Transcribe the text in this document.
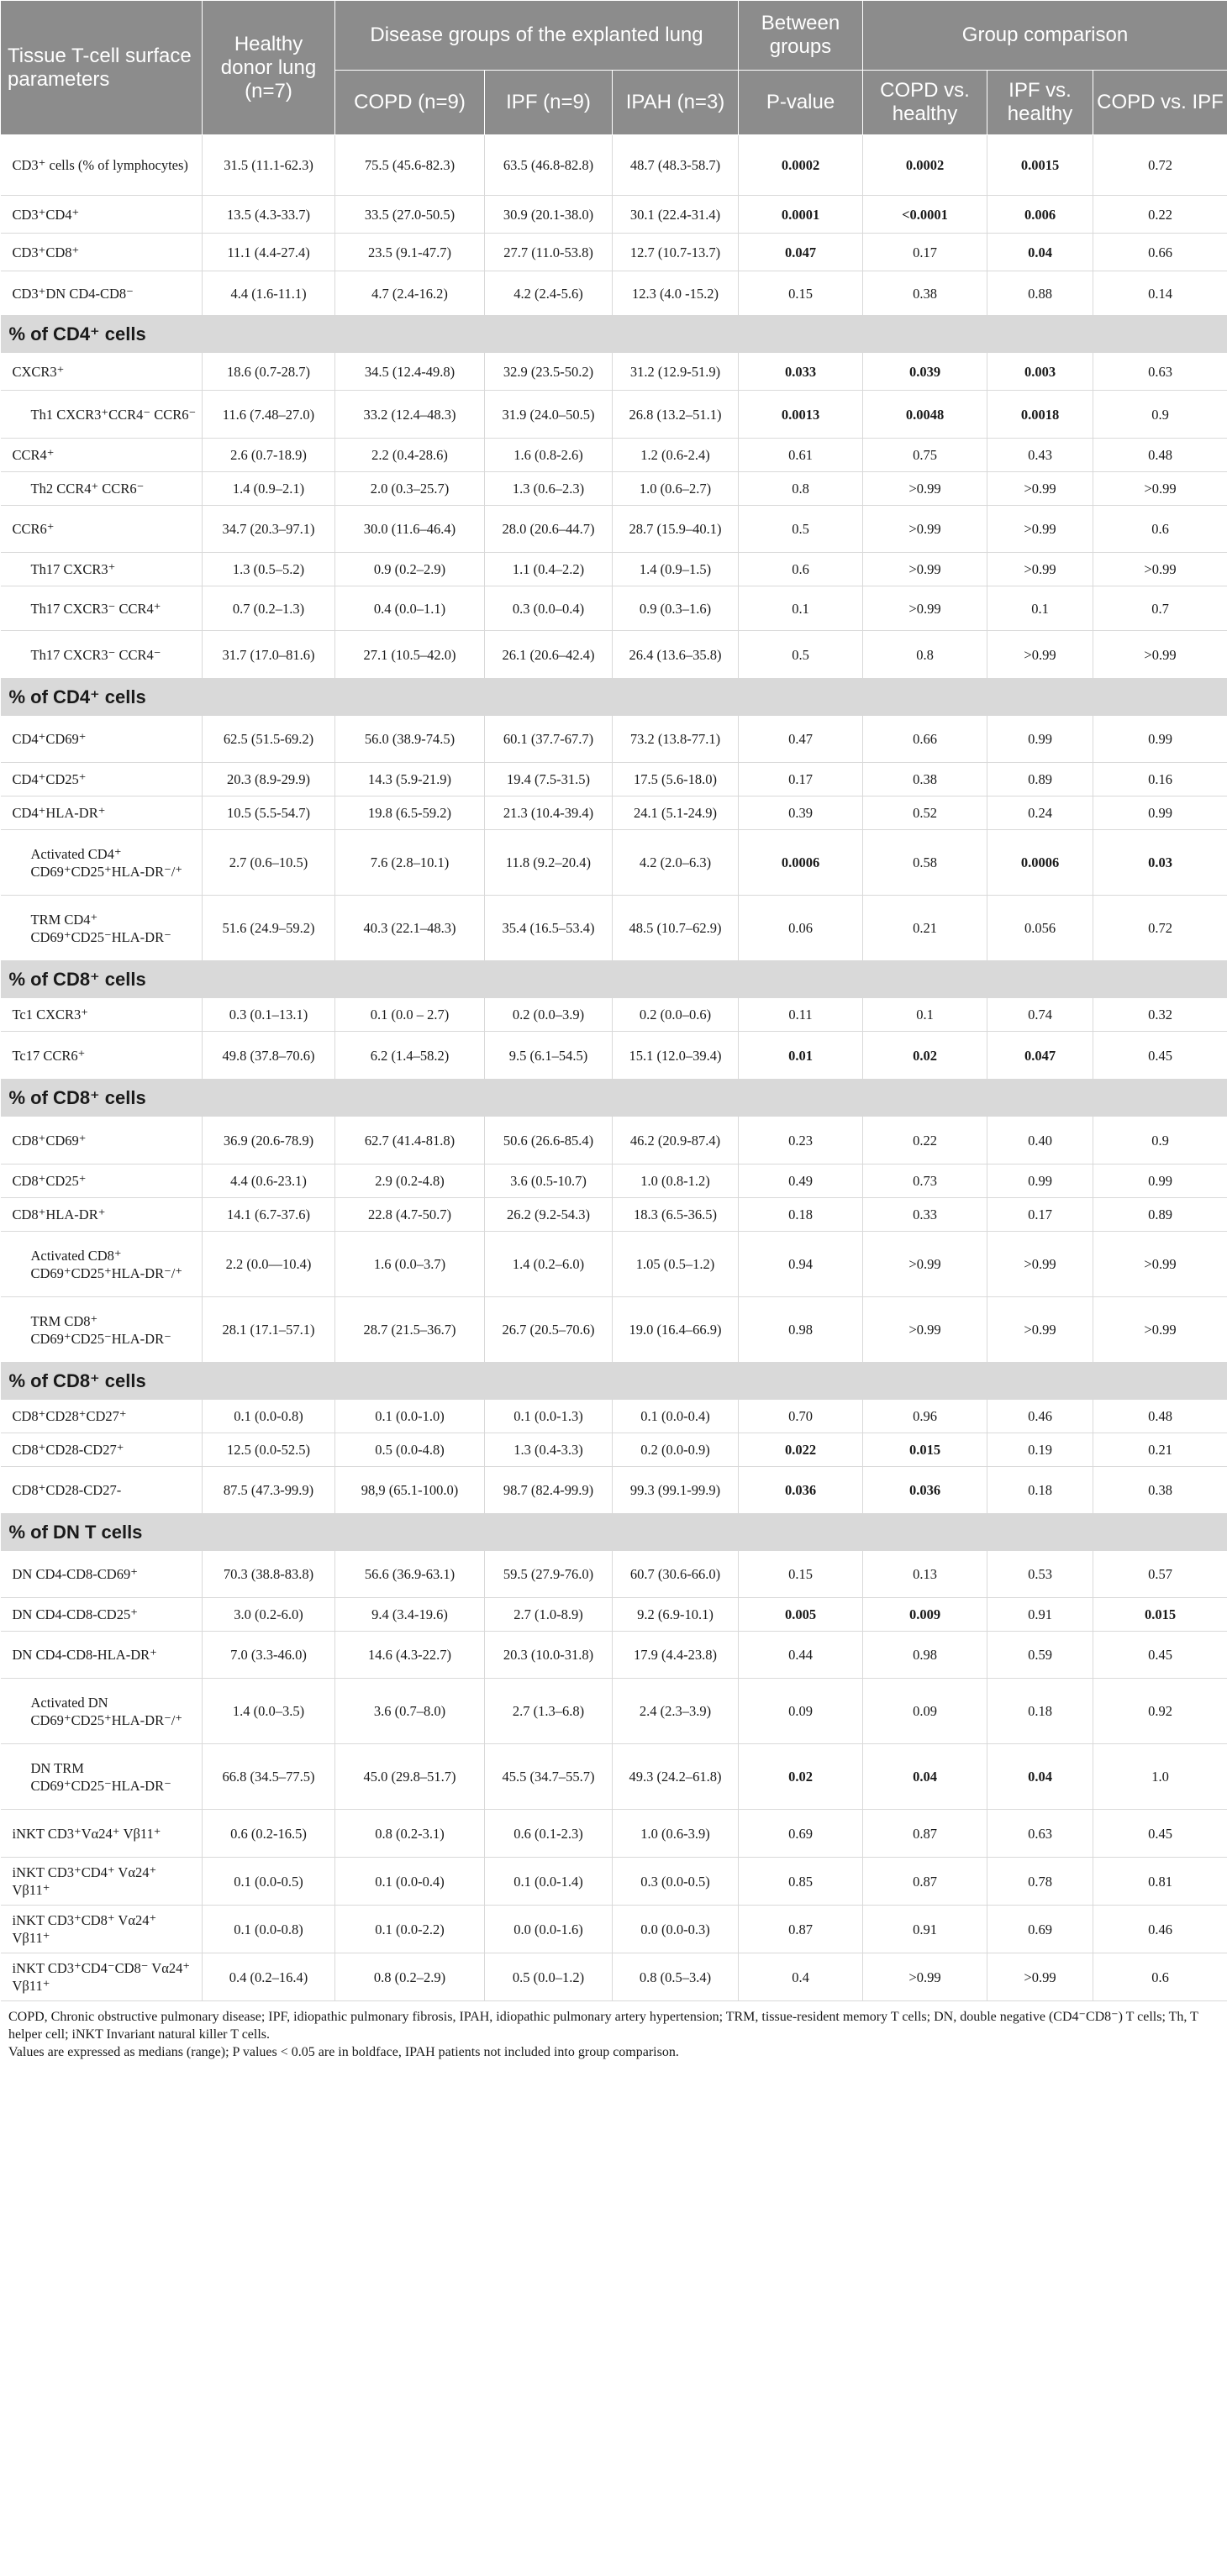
Tissue T-cell surface parameters	Healthy donor lung (n=7)	Disease groups of the explanted lung			Between groups	Group comparison		
		COPD (n=9)	IPF (n=9)	IPAH (n=3)	P-value	COPD vs. healthy	IPF vs. healthy	COPD vs. IPF
CD3⁺ cells (% of lymphocytes)	31.5 (11.1-62.3)	75.5 (45.6-82.3)	63.5 (46.8-82.8)	48.7 (48.3-58.7)	0.0002	0.0002	0.0015	0.72
CD3⁺CD4⁺	13.5 (4.3-33.7)	33.5 (27.0-50.5)	30.9 (20.1-38.0)	30.1 (22.4-31.4)	0.0001	<0.0001	0.006	0.22
CD3⁺CD8⁺	11.1 (4.4-27.4)	23.5 (9.1-47.7)	27.7 (11.0-53.8)	12.7 (10.7-13.7)	0.047	0.17	0.04	0.66
CD3⁺DN CD4-CD8⁻	4.4 (1.6-11.1)	4.7 (2.4-16.2)	4.2 (2.4-5.6)	12.3 (4.0 -15.2)	0.15	0.38	0.88	0.14
% of CD4⁺ cells								
CXCR3⁺	18.6 (0.7-28.7)	34.5 (12.4-49.8)	32.9 (23.5-50.2)	31.2 (12.9-51.9)	0.033	0.039	0.003	0.63
Th1 CXCR3⁺CCR4⁻ CCR6⁻	11.6 (7.48–27.0)	33.2 (12.4–48.3)	31.9 (24.0–50.5)	26.8 (13.2–51.1)	0.0013	0.0048	0.0018	0.9
CCR4⁺	2.6 (0.7-18.9)	2.2 (0.4-28.6)	1.6 (0.8-2.6)	1.2 (0.6-2.4)	0.61	0.75	0.43	0.48
Th2 CCR4⁺ CCR6⁻	1.4 (0.9–2.1)	2.0 (0.3–25.7)	1.3 (0.6–2.3)	1.0 (0.6–2.7)	0.8	>0.99	>0.99	>0.99
CCR6⁺	34.7 (20.3–97.1)	30.0 (11.6–46.4)	28.0 (20.6–44.7)	28.7 (15.9–40.1)	0.5	>0.99	>0.99	0.6
Th17 CXCR3⁺	1.3 (0.5–5.2)	0.9 (0.2–2.9)	1.1 (0.4–2.2)	1.4 (0.9–1.5)	0.6	>0.99	>0.99	>0.99
Th17 CXCR3⁻ CCR4⁺	0.7 (0.2–1.3)	0.4 (0.0–1.1)	0.3 (0.0–0.4)	0.9 (0.3–1.6)	0.1	>0.99	0.1	0.7
Th17 CXCR3⁻ CCR4⁻	31.7 (17.0–81.6)	27.1 (10.5–42.0)	26.1 (20.6–42.4)	26.4 (13.6–35.8)	0.5	0.8	>0.99	>0.99
% of CD4⁺ cells								
CD4⁺CD69⁺	62.5 (51.5-69.2)	56.0 (38.9-74.5)	60.1 (37.7-67.7)	73.2 (13.8-77.1)	0.47	0.66	0.99	0.99
CD4⁺CD25⁺	20.3 (8.9-29.9)	14.3 (5.9-21.9)	19.4 (7.5-31.5)	17.5 (5.6-18.0)	0.17	0.38	0.89	0.16
CD4⁺HLA-DR⁺	10.5 (5.5-54.7)	19.8 (6.5-59.2)	21.3 (10.4-39.4)	24.1 (5.1-24.9)	0.39	0.52	0.24	0.99
Activated CD4⁺ CD69⁺CD25⁺HLA-DR⁻/⁺	2.7 (0.6–10.5)	7.6 (2.8–10.1)	11.8 (9.2–20.4)	4.2 (2.0–6.3)	0.0006	0.58	0.0006	0.03
TRM CD4⁺ CD69⁺CD25⁻HLA-DR⁻	51.6 (24.9–59.2)	40.3 (22.1–48.3)	35.4 (16.5–53.4)	48.5 (10.7–62.9)	0.06	0.21	0.056	0.72
% of CD8⁺ cells								
Tc1 CXCR3⁺	0.3 (0.1–13.1)	0.1 (0.0 – 2.7)	0.2 (0.0–3.9)	0.2 (0.0–0.6)	0.11	0.1	0.74	0.32
Tc17 CCR6⁺	49.8 (37.8–70.6)	6.2 (1.4–58.2)	9.5 (6.1–54.5)	15.1 (12.0–39.4)	0.01	0.02	0.047	0.45
% of CD8⁺ cells								
CD8⁺CD69⁺	36.9 (20.6-78.9)	62.7 (41.4-81.8)	50.6 (26.6-85.4)	46.2 (20.9-87.4)	0.23	0.22	0.40	0.9
CD8⁺CD25⁺	4.4 (0.6-23.1)	2.9 (0.2-4.8)	3.6 (0.5-10.7)	1.0 (0.8-1.2)	0.49	0.73	0.99	0.99
CD8⁺HLA-DR⁺	14.1 (6.7-37.6)	22.8 (4.7-50.7)	26.2 (9.2-54.3)	18.3 (6.5-36.5)	0.18	0.33	0.17	0.89
Activated CD8⁺ CD69⁺CD25⁺HLA-DR⁻/⁺	2.2 (0.0—10.4)	1.6 (0.0–3.7)	1.4 (0.2–6.0)	1.05 (0.5–1.2)	0.94	>0.99	>0.99	>0.99
TRM CD8⁺ CD69⁺CD25⁻HLA-DR⁻	28.1 (17.1–57.1)	28.7 (21.5–36.7)	26.7 (20.5–70.6)	19.0 (16.4–66.9)	0.98	>0.99	>0.99	>0.99
% of CD8⁺ cells								
CD8⁺CD28⁺CD27⁺	0.1 (0.0-0.8)	0.1 (0.0-1.0)	0.1 (0.0-1.3)	0.1 (0.0-0.4)	0.70	0.96	0.46	0.48
CD8⁺CD28-CD27⁺	12.5 (0.0-52.5)	0.5 (0.0-4.8)	1.3 (0.4-3.3)	0.2 (0.0-0.9)	0.022	0.015	0.19	0.21
CD8⁺CD28-CD27-	87.5 (47.3-99.9)	98,9 (65.1-100.0)	98.7 (82.4-99.9)	99.3 (99.1-99.9)	0.036	0.036	0.18	0.38
% of DN T cells								
DN CD4-CD8-CD69⁺	70.3 (38.8-83.8)	56.6 (36.9-63.1)	59.5 (27.9-76.0)	60.7 (30.6-66.0)	0.15	0.13	0.53	0.57
DN CD4-CD8-CD25⁺	3.0 (0.2-6.0)	9.4 (3.4-19.6)	2.7 (1.0-8.9)	9.2 (6.9-10.1)	0.005	0.009	0.91	0.015
DN CD4-CD8-HLA-DR⁺	7.0 (3.3-46.0)	14.6 (4.3-22.7)	20.3 (10.0-31.8)	17.9 (4.4-23.8)	0.44	0.98	0.59	0.45
Activated DN CD69⁺CD25⁺HLA-DR⁻/⁺	1.4 (0.0–3.5)	3.6 (0.7–8.0)	2.7 (1.3–6.8)	2.4 (2.3–3.9)	0.09	0.09	0.18	0.92
DN TRM CD69⁺CD25⁻HLA-DR⁻	66.8 (34.5–77.5)	45.0 (29.8–51.7)	45.5 (34.7–55.7)	49.3 (24.2–61.8)	0.02	0.04	0.04	1.0
iNKT CD3⁺Vα24⁺ Vβ11⁺	0.6 (0.2-16.5)	0.8 (0.2-3.1)	0.6 (0.1-2.3)	1.0 (0.6-3.9)	0.69	0.87	0.63	0.45
iNKT CD3⁺CD4⁺ Vα24⁺ Vβ11⁺	0.1 (0.0-0.5)	0.1 (0.0-0.4)	0.1 (0.0-1.4)	0.3 (0.0-0.5)	0.85	0.87	0.78	0.81
iNKT CD3⁺CD8⁺ Vα24⁺ Vβ11⁺	0.1 (0.0-0.8)	0.1 (0.0-2.2)	0.0 (0.0-1.6)	0.0 (0.0-0.3)	0.87	0.91	0.69	0.46
iNKT CD3⁺CD4⁻CD8⁻ Vα24⁺ Vβ11⁺	0.4 (0.2–16.4)	0.8 (0.2–2.9)	0.5 (0.0–1.2)	0.8 (0.5–3.4)	0.4	>0.99	>0.99	0.6
COPD, Chronic obstructive pulmonary disease; IPF, idiopathic pulmonary fibrosis, IPAH, idiopathic pulmonary artery hypertension; TRM, tissue-resident memory T cells; DN, double negative (CD4⁻CD8⁻) T cells; Th, T helper cell; iNKT Invariant natural killer T cells.
Values are expressed as medians (range); P values < 0.05 are in boldface, IPAH patients not included into group comparison.
